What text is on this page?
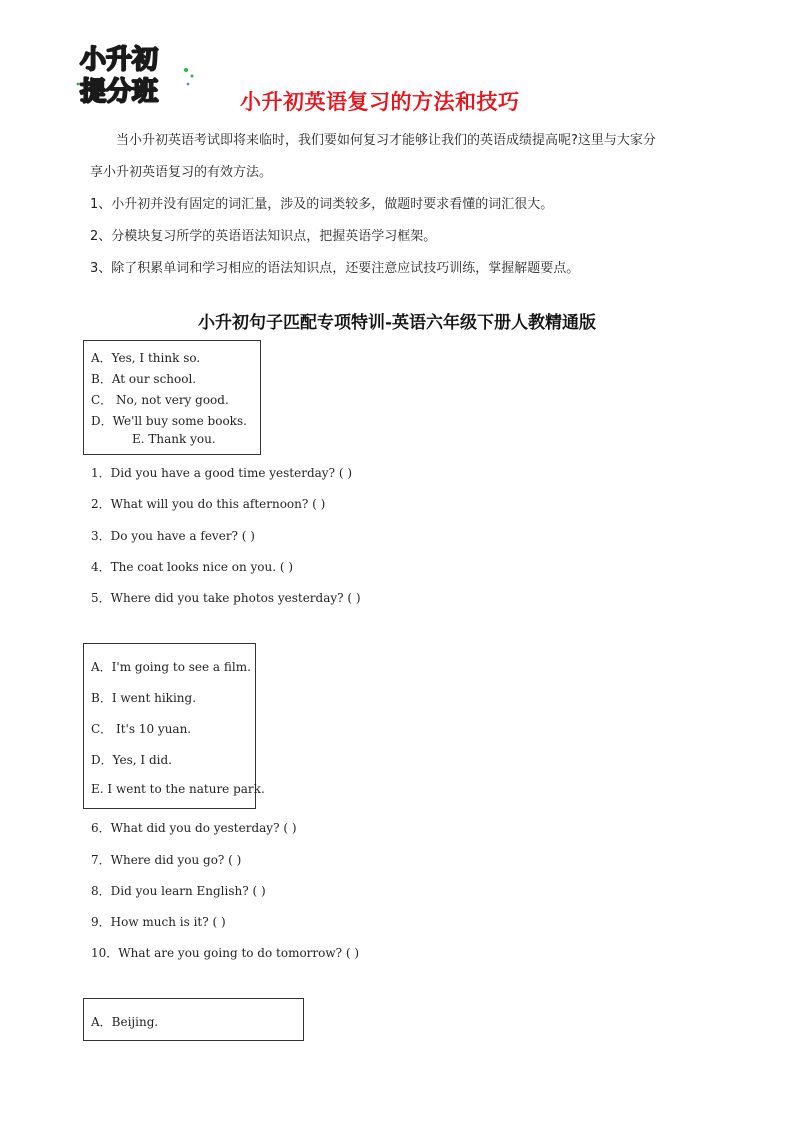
小升初
提分班	小升初英语复习的方法和技巧

当小升初英语考试即将来临时，我们要如何复习才能够让我们的英语成绩提高呢?这里与大家分

享小升初英语复习的有效方法。

1、小升初并没有固定的词汇量，涉及的词类较多，做题时要求看懂的词汇很大。

2、分模块复习所学的英语语法知识点，把握英语学习框架。

3、除了积累单词和学习相应的语法知识点，还要注意应试技巧训练，掌握解题要点。

小升初句子匹配专项特训-英语六年级下册人教精通版
A．Yes, I think so.
B．At our school.
C． No, not very good.
D．We'll buy some books.
E. Thank you.
1．Did you have a good time yesterday? ( )
2．What will you do this afternoon? ( )
3．Do you have a fever? ( )
4．The coat looks nice on you. ( )
5．Where did you take photos yesterday? ( )
A．I'm going to see a film.
B．I went hiking.
C． It's 10 yuan.
D．Yes, I did.
E. I went to the nature park.
6．What did you do yesterday? ( )
7．Where did you go? ( )
8．Did you learn English? ( )
9．How much is it? ( )
10．What are you going to do tomorrow? ( )
A．Beijing.
